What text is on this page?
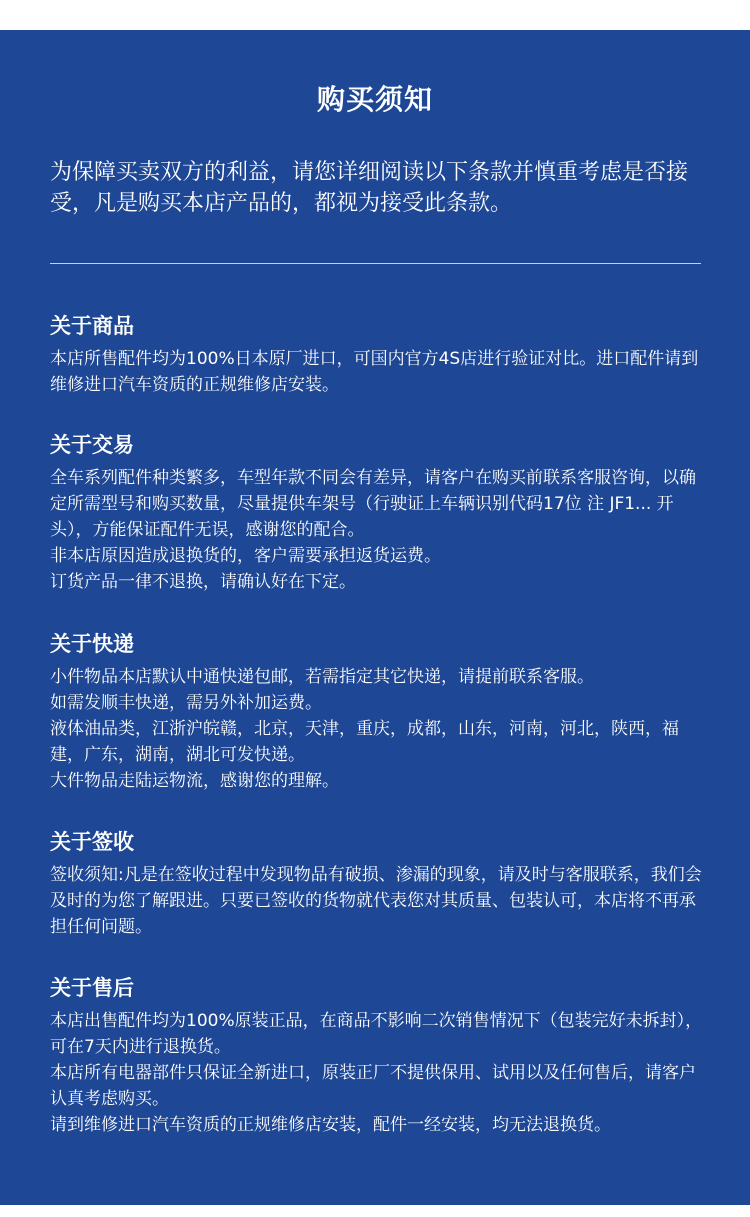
购买须知
为保障买卖双方的利益，请您详细阅读以下条款并慎重考虑是否接受，凡是购买本店产品的，都视为接受此条款。
关于商品
本店所售配件均为100%日本原厂进口，可国内官方4S店进行验证对比。进口配件请到维修进口汽车资质的正规维修店安装。
关于交易
全车系列配件种类繁多，车型年款不同会有差异，请客户在购买前联系客服咨询，以确定所需型号和购买数量，尽量提供车架号（行驶证上车辆识别代码17位 注 JF1... 开头），方能保证配件无误，感谢您的配合。
非本店原因造成退换货的，客户需要承担返货运费。
订货产品一律不退换，请确认好在下定。
关于快递
小件物品本店默认中通快递包邮，若需指定其它快递，请提前联系客服。
如需发顺丰快递，需另外补加运费。
液体油品类，江浙沪皖赣，北京，天津，重庆，成都，山东，河南，河北，陕西，福建，广东，湖南，湖北可发快递。
大件物品走陆运物流，感谢您的理解。
关于签收
签收须知:凡是在签收过程中发现物品有破损、渗漏的现象，请及时与客服联系，我们会及时的为您了解跟进。只要已签收的货物就代表您对其质量、包装认可，本店将不再承担任何问题。
关于售后
本店出售配件均为100%原装正品，在商品不影响二次销售情况下（包装完好未拆封），可在7天内进行退换货。
本店所有电器部件只保证全新进口，原装正厂不提供保用、试用以及任何售后，请客户认真考虑购买。
请到维修进口汽车资质的正规维修店安装，配件一经安装，均无法退换货。
